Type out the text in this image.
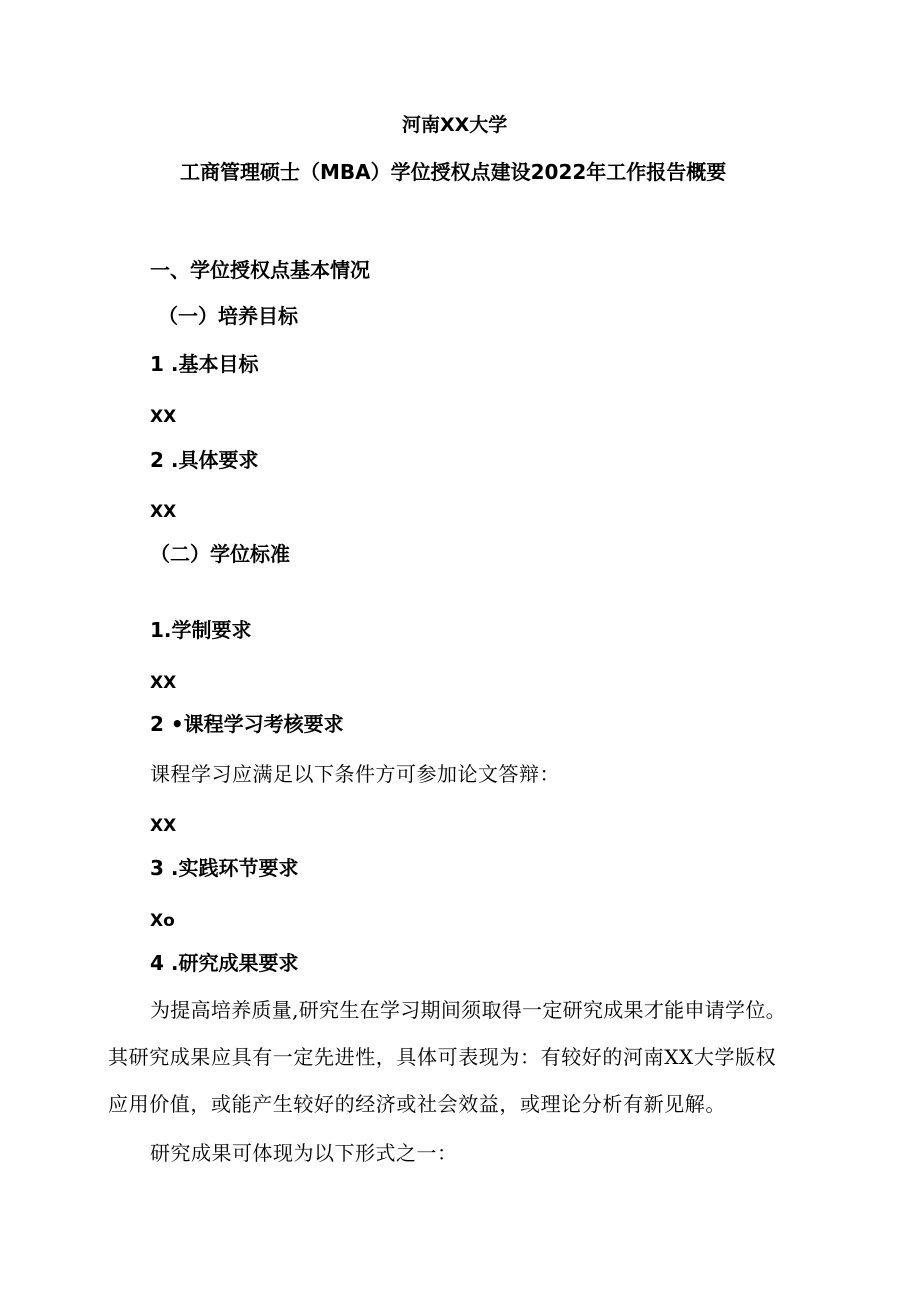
河南XX大学
工商管理硕士（MBA）学位授权点建设2022年工作报告概要
一、学位授权点基本情况
（一）培养目标
1 .基本目标
XX
2 .具体要求
XX
（二）学位标准
1.学制要求
XX
2 •课程学习考核要求
课程学习应满足以下条件方可参加论文答辩：
XX
3 .实践环节要求
Xo
4 .研究成果要求
为提高培养质量,研究生在学习期间须取得一定研究成果才能申请学位。
其研究成果应具有一定先进性，具体可表现为：有较好的河南XX大学版权
应用价值，或能产生较好的经济或社会效益，或理论分析有新见解。
研究成果可体现为以下形式之一：
